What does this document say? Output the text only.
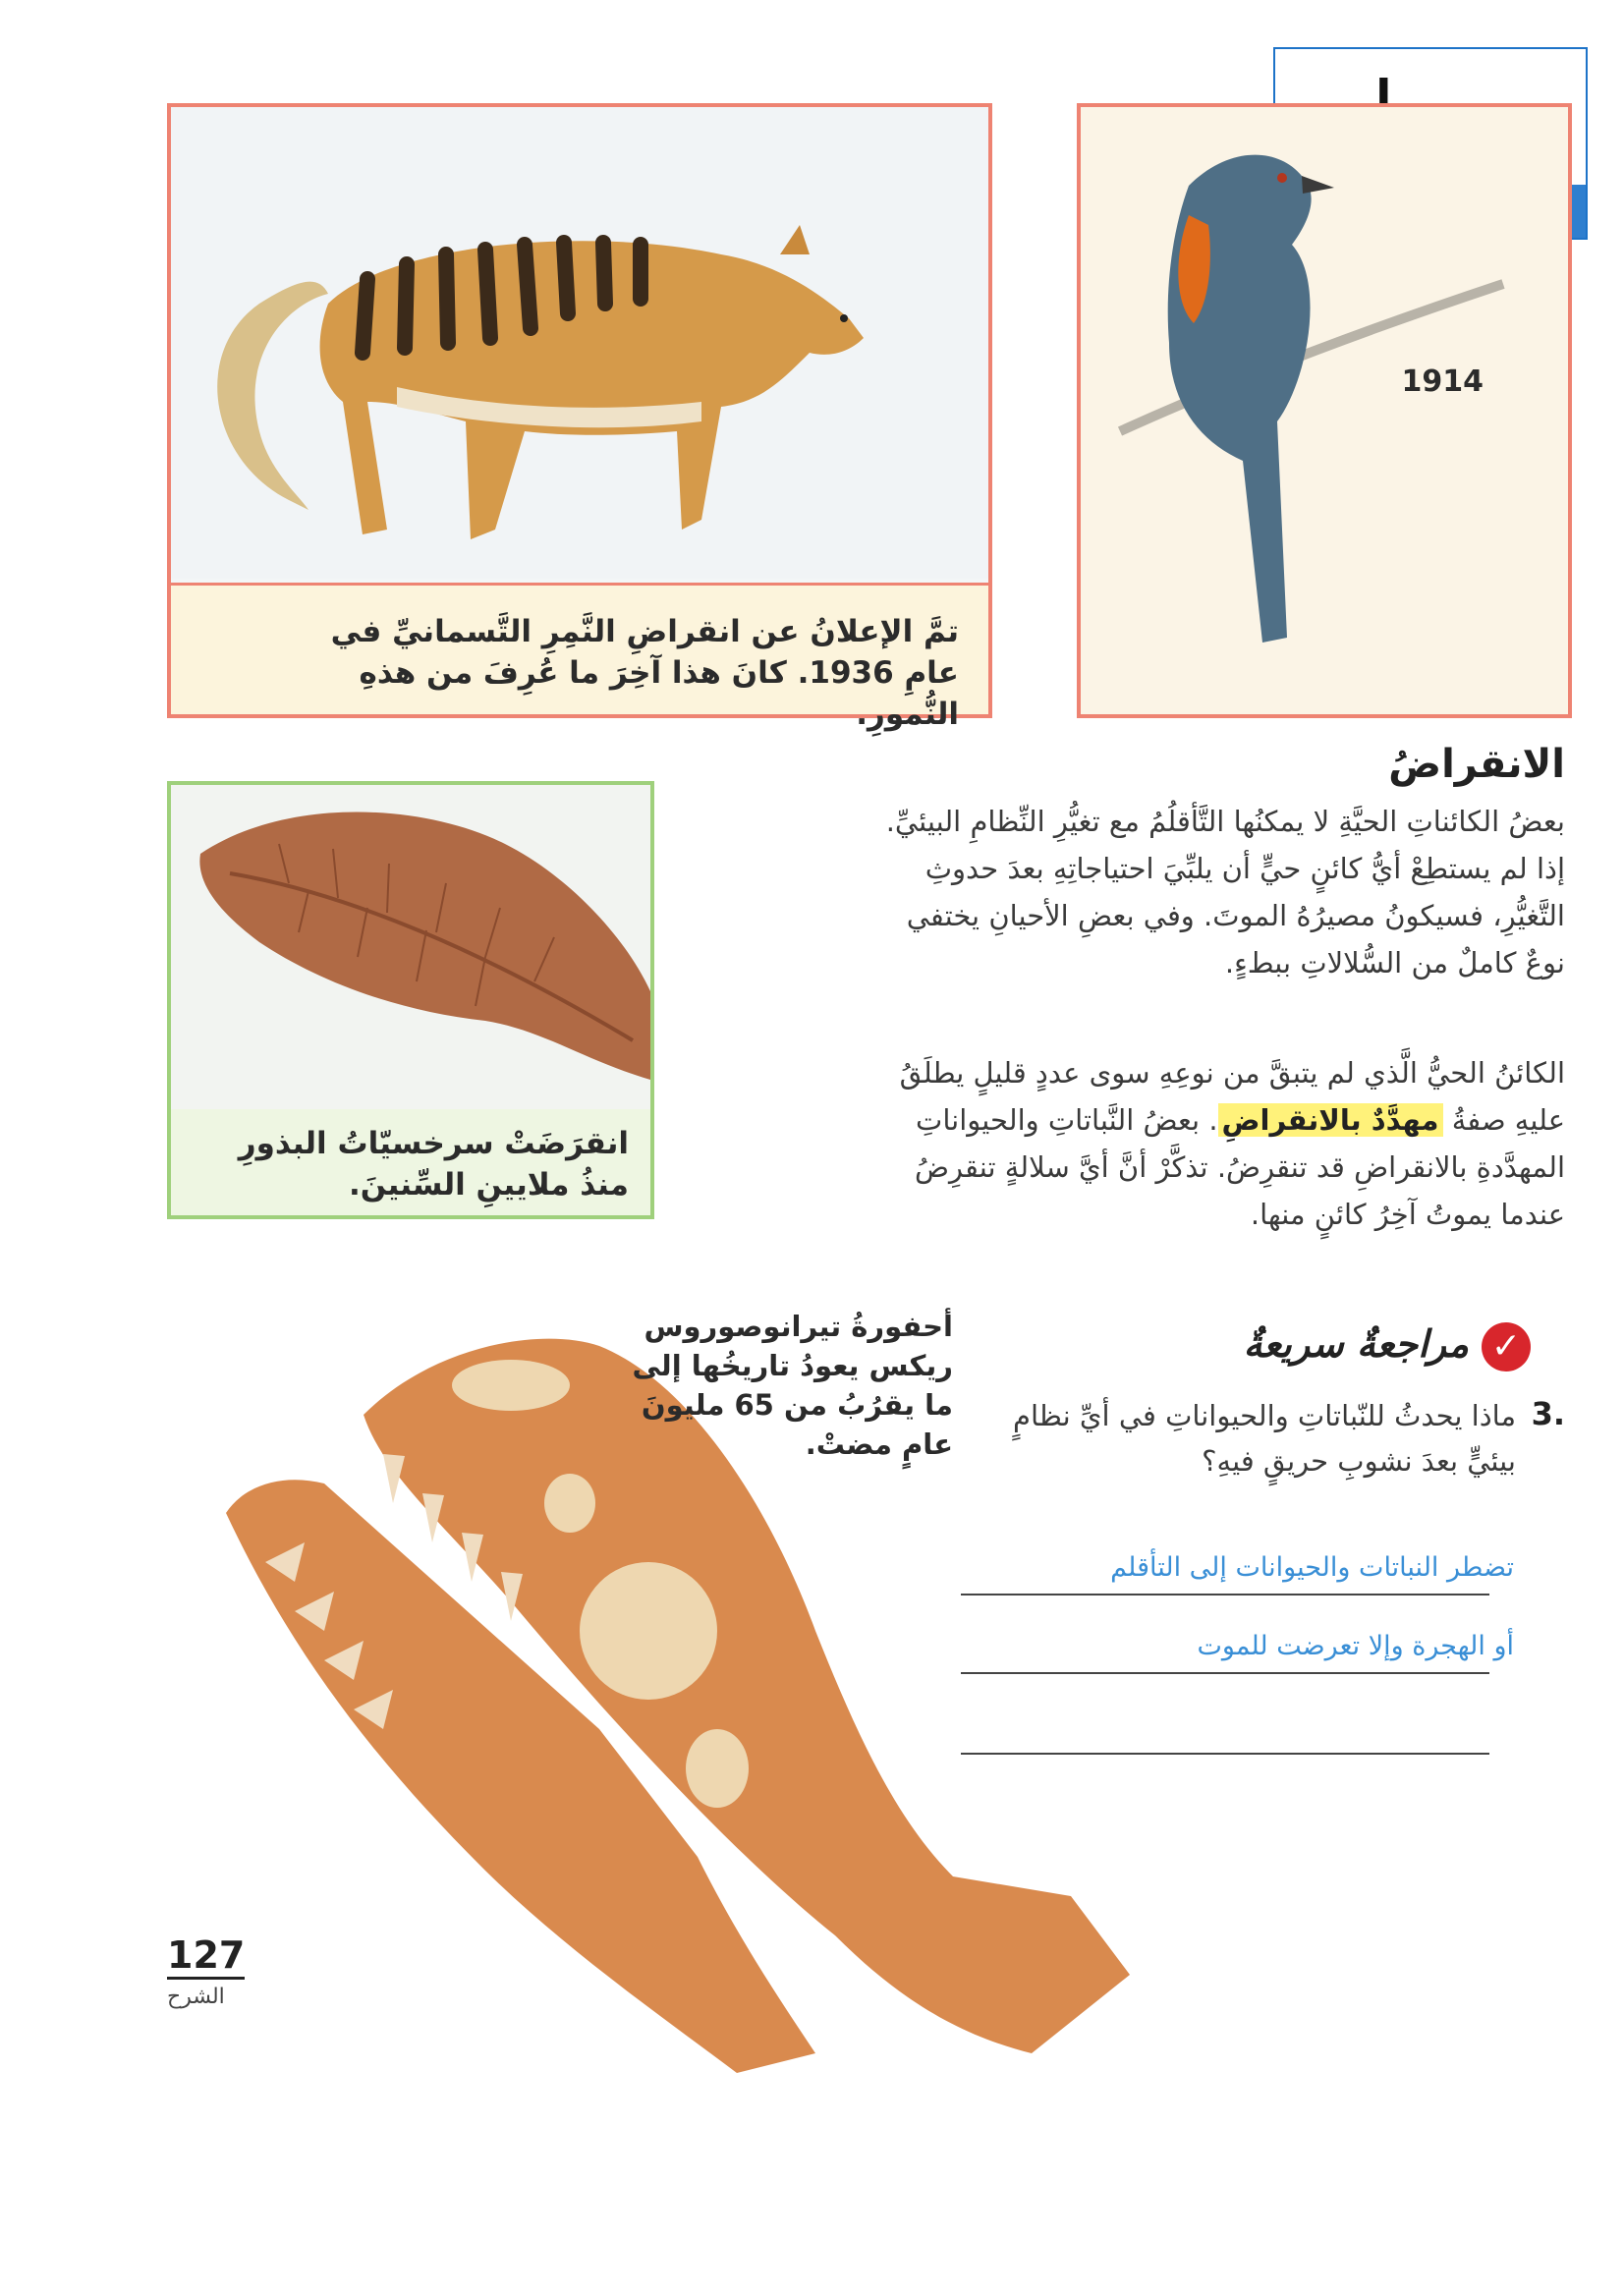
تمَّ الإعلانُ عن انقراضِ النَّمِرِ التَّسمانيِّ في عامِ 1936. كانَ هذا آخِرَ ما عُرِفَ من هذهِ النُّمورِ.

1914

انقرَضَتْ سرخسيّاتُ البذورِ منذُ ملايينِ السِّنينَ.

الانقراضُ

بعضُ الكائناتِ الحيَّةِ لا يمكنُها التَّأقلُمُ مع تغيُّرِ النِّظامِ البيئيِّ. إذا لم يستطِعْ أيُّ كائنٍ حيٍّ أن يلبِّيَ احتياجاتِهِ بعدَ حدوثِ التَّغيُّرِ، فسيكونُ مصيرُهُ الموتَ. وفي بعضِ الأحيانِ يختفي نوعٌ كاملٌ من السُّلالاتِ ببطءٍ.

الكائنُ الحيُّ الَّذي لم يتبقَّ من نوعِهِ سوى عددٍ قليلٍ يطلَقُ عليهِ صفةُ مهدَّدٌ بالانقراضِ. بعضُ النَّباتاتِ والحيواناتِ المهدَّدةِ بالانقراضِ قد تنقرِضُ. تذكَّرْ أنَّ أيَّ سلالةٍ تنقرِضُ عندما يموتُ آخِرُ كائنٍ منها.

أحفورةُ تيرانوصوروس ريكس يعودُ تاريخُها إلى ما يقرُبُ من 65 مليونَ عامٍ مضتْ.

✓
مراجعةٌ سريعةٌ
3.

ماذا يحدثُ للنّباتاتِ والحيواناتِ في أيِّ نظامٍ بيئيٍّ بعدَ نشوبِ حريقٍ فيهِ؟

تضطر النباتات والحيوانات إلى التأقلم

أو الهجرة وإلا تعرضت للموت

127
الشرح
